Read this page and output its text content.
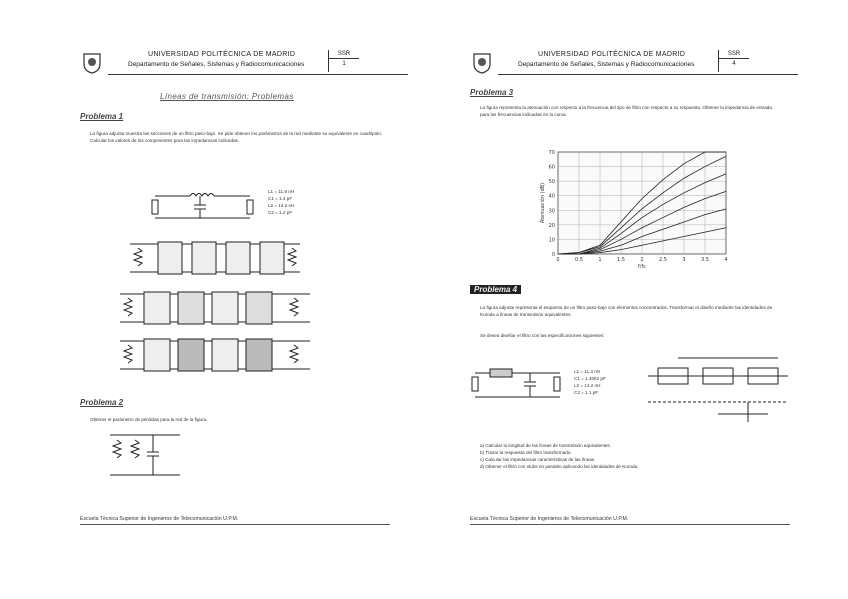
UNIVERSIDAD POLITÉCNICA DE MADRID
Departamento de Señales, Sistemas y Radiocomunicaciones
SSR
1
Líneas de transmisión: Problemas
Problema 1
La figura adjunta muestra las secciones de un filtro paso-bajo. Se pide obtener los parámetros de la red mediante su equivalente en cuadripolo. Calcular los valores de los componentes para las impedancias indicadas.
L1 = 11.9 nH
C1 = 1.4 pF
L2 = 14.2 nH
C2 = 1.2 pF
Problema 2
Obtener el parámetro de pérdidas para la red de la figura.
Escuela Técnica Superior de Ingenieros de Telecomunicación U.P.M.
UNIVERSIDAD POLITÉCNICA DE MADRID
Departamento de Señales, Sistemas y Radiocomunicaciones
SSR
4
Problema 3
La figura representa la atenuación con respecto a la frecuencia del tipo de filtro con respecto a su respuesta. Obtener la impedancia de entrada para las frecuencias indicadas en la curva.
0
10
20
30
40
50
60
70
0	0.5	1	1.5	2	2.5	3	3.5	4
f/fc
Atenuación (dB)
Problema 4
La figura adjunta representa el esquema de un filtro paso-bajo con elementos concentrados. Transformar el diseño mediante las identidades de Kuroda a líneas de transmisión equivalentes.
Se desea diseñar el filtro con las especificaciones siguientes:
L1 = 11.3 nH
C1 = 1.4062 pF
L2 = 14.2 nH
C2 = 1.1 pF
a) Calcular la longitud de las líneas de transmisión equivalentes.
b) Trazar la respuesta del filtro transformado.
c) Calcular las impedancias características de las líneas.
d) Obtener el filtro con stubs en paralelo aplicando las identidades de Kuroda.
Escuela Técnica Superior de Ingenieros de Telecomunicación U.P.M.
